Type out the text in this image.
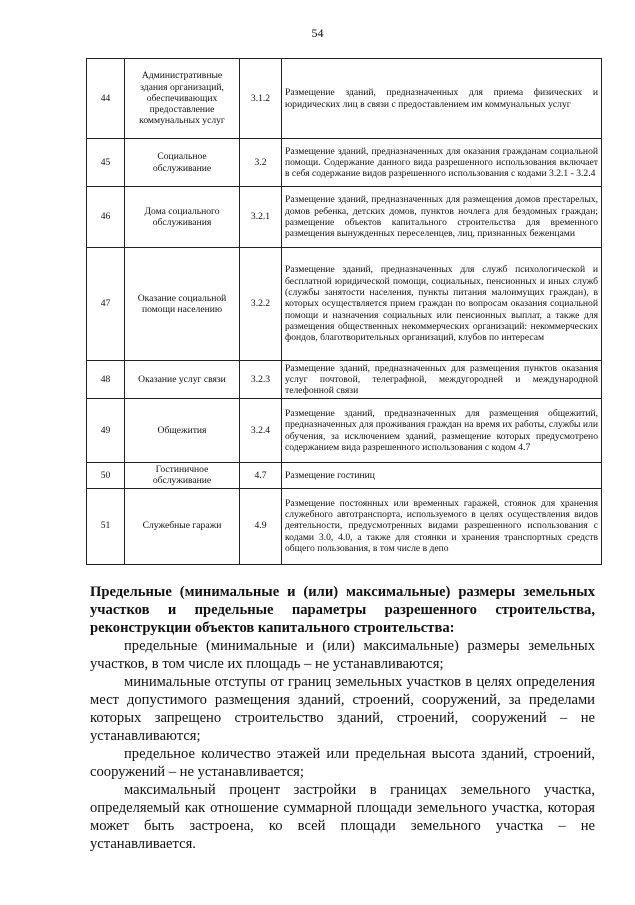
54
44	Административные здания организаций, обеспечивающих предоставление коммунальных услуг	3.1.2	Размещение зданий, предназначенных для приема физических и юридических лиц в связи с предоставлением им коммунальных услуг
45	Социальное обслуживание	3.2	Размещение зданий, предназначенных для оказания гражданам социальной помощи. Содержание данного вида разрешенного использования включает в себя содержание видов разрешенного использования с кодами 3.2.1 - 3.2.4
46	Дома социального обслуживания	3.2.1	Размещение зданий, предназначенных для размещения домов престарелых, домов ребенка, детских домов, пунктов ночлега для бездомных граждан; размещение объектов капитального строительства для временного размещения вынужденных переселенцев, лиц, признанных беженцами
47	Оказание социальной помощи населению	3.2.2	Размещение зданий, предназначенных для служб психологической и бесплатной юридической помощи, социальных, пенсионных и иных служб (службы занятости населения, пункты питания малоимущих граждан), в которых осуществляется прием граждан по вопросам оказания социальной помощи и назначения социальных или пенсионных выплат, а также для размещения общественных некоммерческих организаций: некоммерческих фондов, благотворительных организаций, клубов по интересам
48	Оказание услуг связи	3.2.3	Размещение зданий, предназначенных для размещения пунктов оказания услуг почтовой, телеграфной, междугородней и международной телефонной связи
49	Общежития	3.2.4	Размещение зданий, предназначенных для размещения общежитий, предназначенных для проживания граждан на время их работы, службы или обучения, за исключением зданий, размещение которых предусмотрено содержанием вида разрешенного использования с кодом 4.7
50	Гостиничное обслуживание	4.7	Размещение гостиниц
51	Служебные гаражи	4.9	Размещение постоянных или временных гаражей, стоянок для хранения служебного автотранспорта, используемого в целях осуществления видов деятельности, предусмотренных видами разрешенного использования с кодами 3.0, 4.0, а также для стоянки и хранения транспортных средств общего пользования, в том числе в депо
Предельные (минимальные и (или) максимальные) размеры земельных участков и предельные параметры разрешенного строительства, реконструкции объектов капитального строительства:

предельные (минимальные и (или) максимальные) размеры земельных участков, в том числе их площадь – не устанавливаются;

минимальные отступы от границ земельных участков в целях определения мест допустимого размещения зданий, строений, сооружений, за пределами которых запрещено строительство зданий, строений, сооружений – не устанавливаются;

предельное количество этажей или предельная высота зданий, строений, сооружений – не устанавливается;

максимальный процент застройки в границах земельного участка, определяемый как отношение суммарной площади земельного участка, которая может быть застроена, ко всей площади земельного участка – не устанавливается.
